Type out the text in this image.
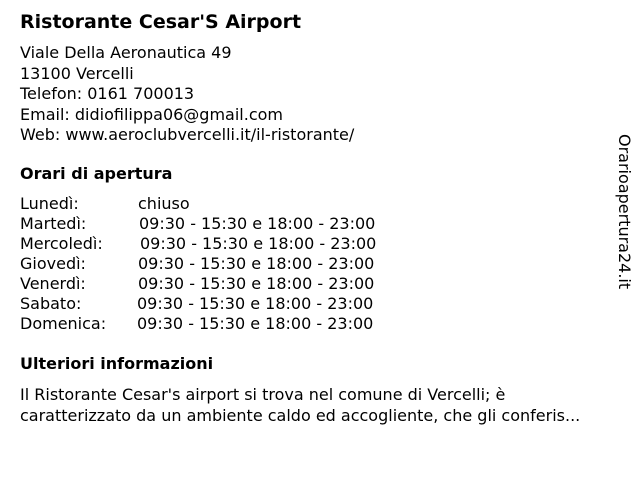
Ristorante Cesar'S Airport
Viale Della Aeronautica 49
13100 Vercelli
Telefon: 0161 700013
Email: didiofilippa06@gmail.com
Web: www.aeroclubvercelli.it/il-ristorante/
Orari di apertura
Lunedì:	chiuso
Martedì:	09:30 - 15:30 e 18:00 - 23:00
Mercoledì: 09:30 - 15:30 e 18:00 - 23:00
Giovedì:	09:30 - 15:30 e 18:00 - 23:00
Venerdì:	09:30 - 15:30 e 18:00 - 23:00
Sabato:	09:30 - 15:30 e 18:00 - 23:00
Domenica: 09:30 - 15:30 e 18:00 - 23:00
Ulteriori informazioni
Il Ristorante Cesar's airport si trova nel comune di Vercelli; è
caratterizzato da un ambiente caldo ed accogliente, che gli conferis...
Orarioapertura24.it
